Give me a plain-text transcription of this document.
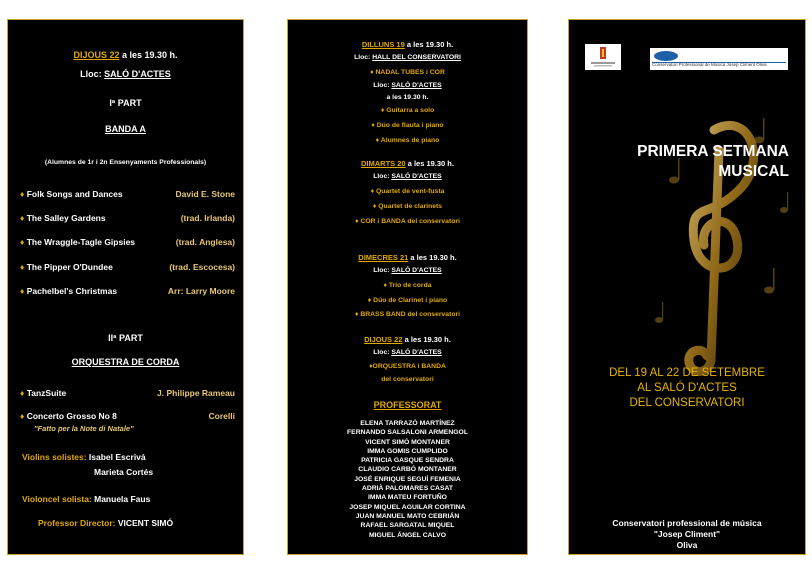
DIJOUS 22 a les 19.30 h.
Lloc: SALÓ D'ACTES
Iª PART
BANDA A
(Alumnes de 1r i 2n Ensenyaments Professionals)
♦ Folk Songs and Dances	David E. Stone
♦ The Salley Gardens	(trad. Irlanda)
♦ The Wraggle-Tagle Gipsies	(trad. Anglesa)
♦ The Pipper O'Dundee	(trad. Escocesa)
♦ Pachelbel's Christmas	Arr: Larry Moore
IIª PART
ORQUESTRA DE CORDA
♦ TanzSuite	J. Philippe Rameau
♦ Concerto Grosso No 8	Corelli
"Fatto per la Note di Natale"
Violins solistes: Isabel Escrivá
Marieta Cortés
Violoncel solista: Manuela Faus
Professor Director: VICENT SIMÓ
DILLUNS 19 a les 19.30 h.
Lloc: HALL DEL CONSERVATORI
♦ NADAL TUBES i COR
Lloc: SALÓ D'ACTES
a les 19.30 h.
♦ Guitarra a solo
♦ Dúo de flauta i piano
♦ Alumnes de piano
DIMARTS 20 a les 19.30 h.
Lloc: SALÓ D'ACTES
♦ Quartet de vent-fusta
♦ Quartet de clarinets
♦ COR i BANDA del conservatori
DIMECRES 21 a les 19.30 h.
Lloc: SALÓ D'ACTES
♦ Trio de corda
♦ Dúo de Clarinet i piano
♦ BRASS BAND del conservatori
DIJOUS 22 a les 19.30 h.
Lloc: SALÓ D'ACTES
♦ORQUESTRA i BANDA
del conservatori
PROFESSORAT
ELENA TARRAZÓ MARTÍNEZ
FERNANDO SALSALONI ARMENGOL
VICENT SIMÓ MONTANER
IMMA GOMIS CUMPLIDO
PATRICIA GASQUE SENDRA
CLAUDIO CARBÓ MONTANER
JOSÉ ENRIQUE SEGUÍ FEMENIA
ADRIÀ PALOMARES CASAT
IMMA MATEU FORTUÑO
JOSEP MIQUEL AGUILAR CORTINA
JUAN MANUEL MATO CEBRIÁN
RAFAEL SARGATAL MIQUEL
MIGUEL ÁNGEL CALVO
Conservatori Professional de Música Josep Climent Oliva
PRIMERA SETMANA
MUSICAL
DEL 19 AL 22 DE SETEMBRE
AL SALÓ D'ACTES
DEL CONSERVATORI
Conservatori professional de música
"Josep Climent"
Oliva
